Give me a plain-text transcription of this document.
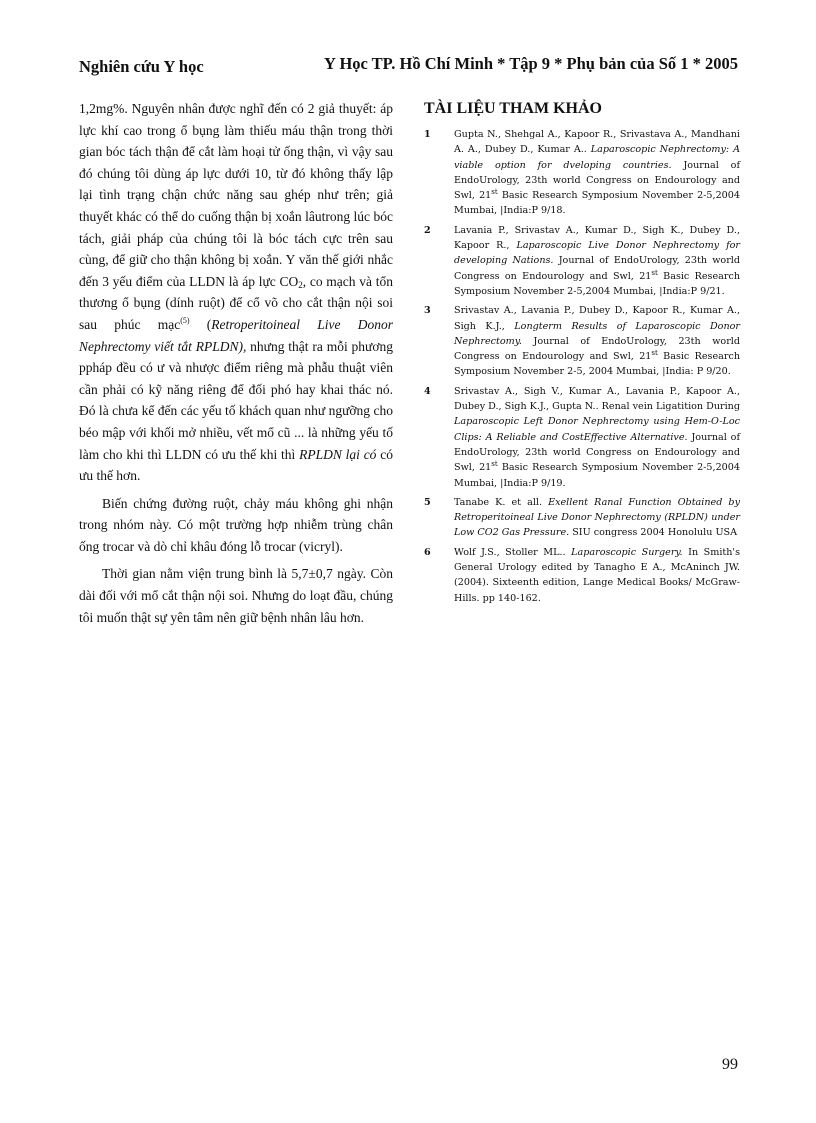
Nghiên cứu Y học	Y Học TP. Hồ Chí Minh * Tập 9 * Phụ bản của Số 1 * 2005

1,2mg%. Nguyên nhân được nghĩ đến có 2 giả thuyết: áp lực khí cao trong ổ bụng làm thiếu máu thận trong thời gian bóc tách thận để cắt làm hoại tử ống thận, vì vậy sau đó chúng tôi dùng áp lực dưới 10, từ đó không thấy lập lại tình trạng chận chức năng sau ghép như trên; giả thuyết khác có thể do cuống thận bị xoắn lâutrong lúc bóc tách, giải pháp của chúng tôi là bóc tách cực trên sau cùng, để giữ cho thận không bị xoắn. Y văn thế giới nhắc đến 3 yếu điểm của LLDN là áp lực $CO_2$, co mạch và tổn thương ổ bụng (dính ruột) để cổ võ cho cắt thận nội soi sau phúc mạc$^{(5)}$ (Retroperitoineal Live Donor Nephrectomy viết tắt RPLDN), nhưng thật ra mỗi phương ppháp đều có ư và nhược điểm riêng mà phẫu thuật viên cần phải có kỹ năng riêng để đối phó hay khai thác nó. Đó là chưa kể đến các yếu tố khách quan như ngưỡng cho béo mập với khối mở nhiều, vết mổ cũ ... là những yếu tố làm cho khi thì LLDN có ưu thế khi thì RPLDN lại có có ưu thế hơn.

Biến chứng đường ruột, chảy máu không ghi nhận trong nhóm này. Có một trường hợp nhiễm trùng chân ống trocar và dò chỉ khâu đóng lỗ trocar (vicryl).

Thời gian nằm viện trung bình là 5,7±0,7 ngày. Còn dài đối với mổ cắt thận nội soi. Nhưng do loạt đầu, chúng tôi muốn thật sự yên tâm nên giữ bệnh nhân lâu hơn.

TÀI LIỆU THAM KHẢO
1	Gupta N., Shehgal A., Kapoor R., Srivastava A., Mandhani A. A., Dubey D., Kumar A.. Laparoscopic Nephrectomy: A viable option for dveloping countries. Journal of EndoUrology, 23th world Congress on Endourology and Swl, 21st Basic Research Symposium November 2-5,2004 Mumbai, |India:P 9/18.
2	Lavania P., Srivastav A., Kumar D., Sigh K., Dubey D., Kapoor R., Laparoscopic Live Donor Nephrectomy for developing Nations. Journal of EndoUrology, 23th world Congress on Endourology and Swl, 21st Basic Research Symposium November 2-5,2004 Mumbai, |India:P 9/21.
3	Srivastav A., Lavania P., Dubey D., Kapoor R., Kumar A., Sigh K.J., Longterm Results of Laparoscopic Donor Nephrectomy. Journal of EndoUrology, 23th world Congress on Endourology and Swl, 21st Basic Research Symposium November 2-5, 2004 Mumbai, |India: P 9/20.
4	Srivastav A., Sigh V., Kumar A., Lavania P., Kapoor A., Dubey D., Sigh K.J., Gupta N.. Renal vein Ligatition During Laparoscopic Left Donor Nephrectomy using Hem-O-Loc Clips: A Reliable and CostEffective Alternative. Journal of EndoUrology, 23th world Congress on Endourology and Swl, 21st Basic Research Symposium November 2-5,2004 Mumbai, |India:P 9/19.
5	Tanabe K. et all. Exellent Ranal Function Obtained by Retroperitoineal Live Donor Nephrectomy (RPLDN) under Low CO2 Gas Pressure. SIU congress 2004 Honolulu USA
6	Wolf J.S., Stoller ML.. Laparoscopic Surgery. In Smith's General Urology edited by Tanagho E A., McAninch JW. (2004). Sixteenth edition, Lange Medical Books/ McGraw-Hills. pp 140-162.
99
